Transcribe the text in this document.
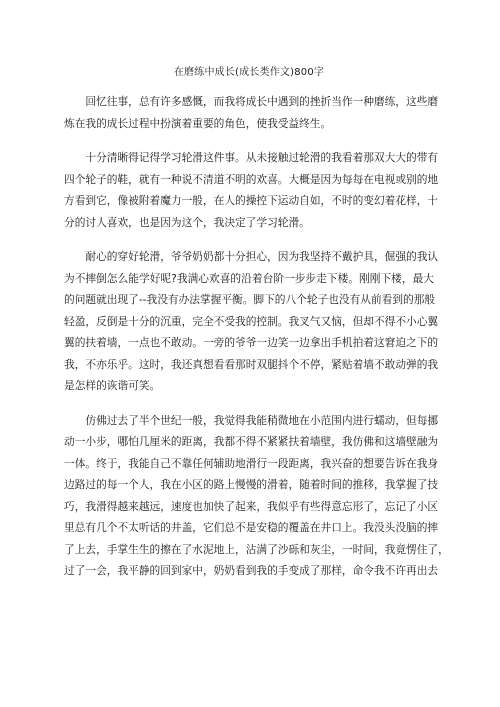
在磨练中成长(成长类作文)800字
回忆往事，总有许多感慨，而我将成长中遇到的挫折当作一种磨练，这些磨
炼在我的成长过程中扮演着重要的角色，使我受益终生。
十分清晰得记得学习轮滑这件事。从未接触过轮滑的我看着那双大大的带有
四个轮子的鞋，就有一种说不清道不明的欢喜。大概是因为每每在电视或别的地
方看到它，像被附着魔力一般，在人的操控下运动自如，不时的变幻着花样，十
分的讨人喜欢，也是因为这个，我决定了学习轮滑。
耐心的穿好轮滑，爷爷奶奶都十分担心，因为我坚持不戴护具，倔强的我认
为不摔倒怎么能学好呢?我满心欢喜的沿着台阶一步步走下楼。刚刚下楼，最大
的问题就出现了--我没有办法掌握平衡。脚下的八个轮子也没有从前看到的那般
轻盈，反倒是十分的沉重，完全不受我的控制。我叉气又恼，但却不得不小心翼
翼的扶着墙，一点也不敢动。一旁的爷爷一边笑一边拿出手机拍着这窘迫之下的
我，不亦乐乎。这时，我还真想看看那时双腿抖个不停，紧贴着墙不敢动弹的我
是怎样的诙谐可笑。
仿佛过去了半个世纪一般，我觉得我能稍微地在小范围内进行蠕动，但每挪
动一小步，哪怕几厘米的距离，我都不得不紧紧扶着墙壁，我仿佛和这墙壁融为
一体。终于，我能自己不靠任何辅助地滑行一段距离，我兴奋的想要告诉在我身
边路过的每一个人，我在小区的路上慢慢的滑着，随着时间的推移，我掌握了技
巧，我滑得越来越远，速度也加快了起来，我似乎有些得意忘形了，忘记了小区
里总有几个不太听话的井盖，它们总不是安稳的覆盖在井口上。我没头没脑的摔
了上去，手掌生生的擦在了水泥地上，沾满了沙砾和灰尘，一时间，我竟愣住了，
过了一会，我平静的回到家中，奶奶看到我的手变成了那样，命令我不许再出去
